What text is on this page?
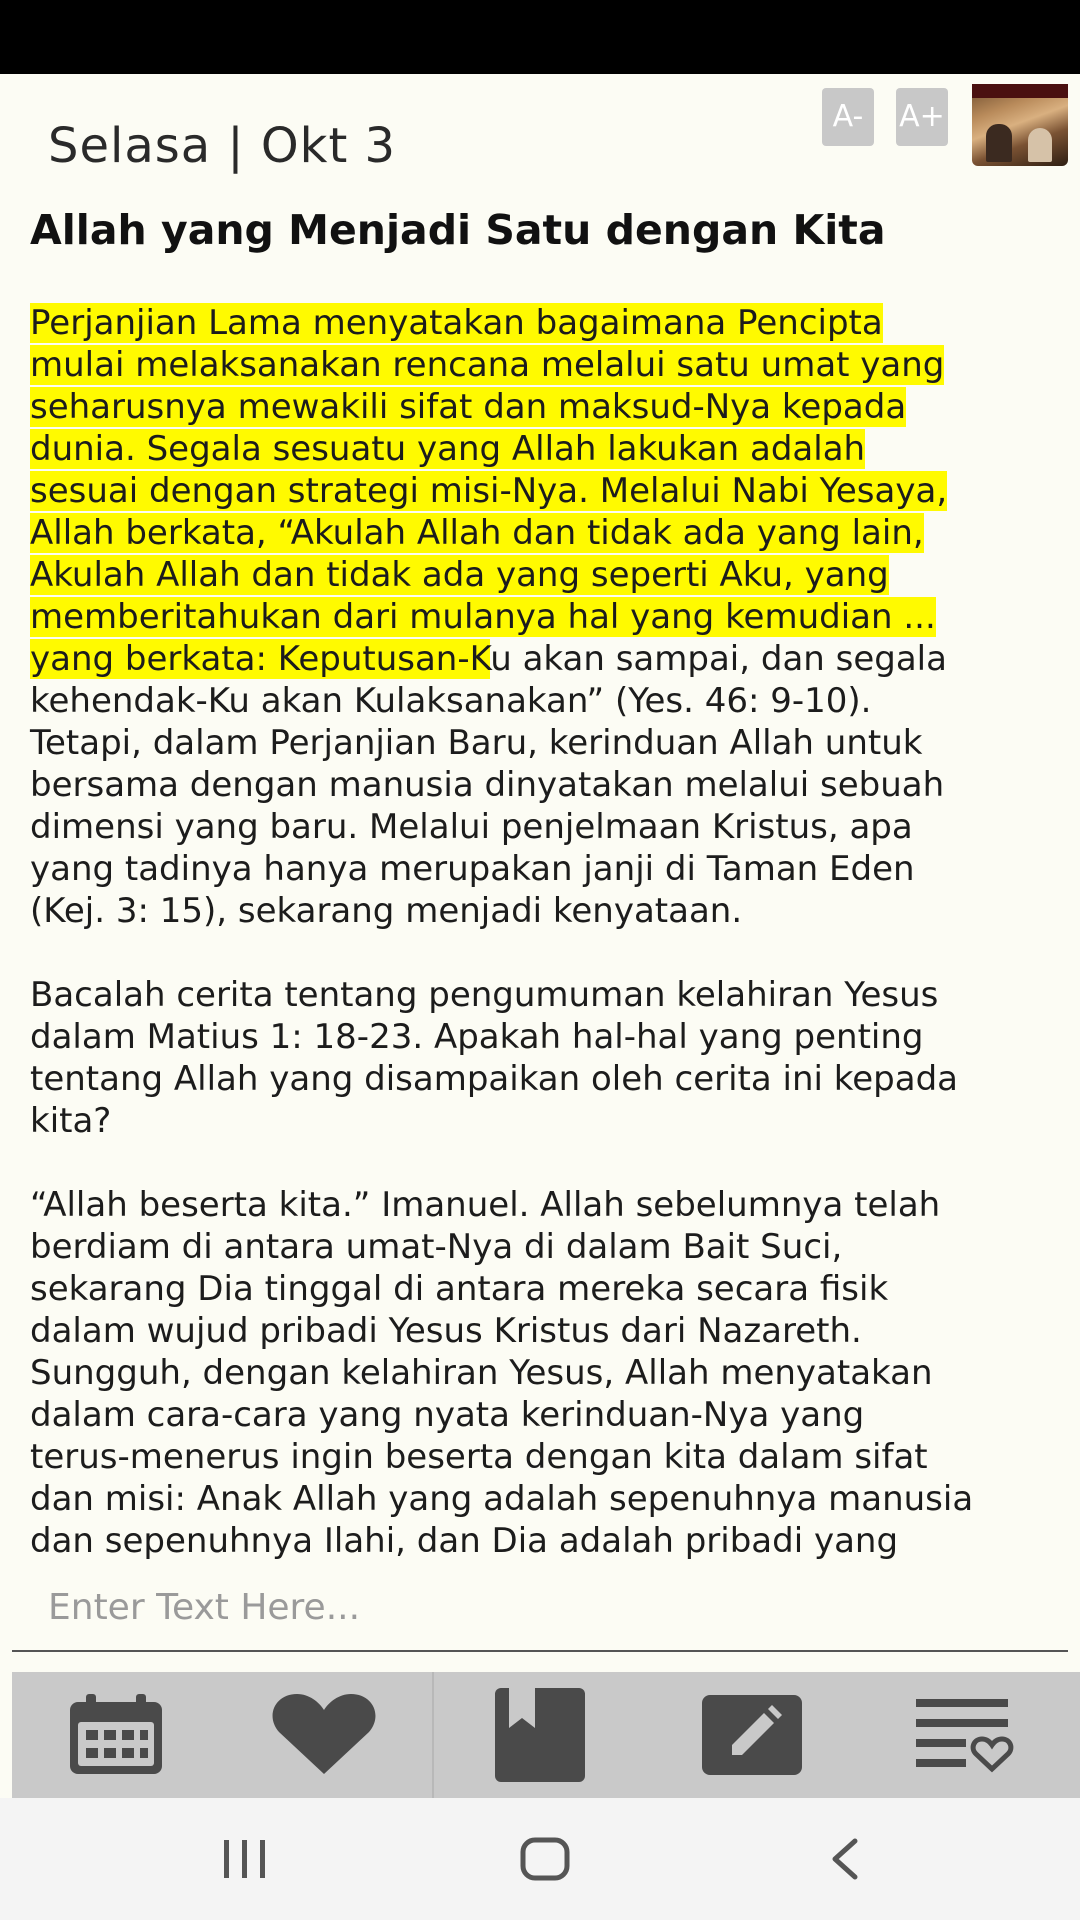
Selasa | Okt 3
A-	A+
Allah yang Menjadi Satu dengan Kita

Perjanjian Lama menyatakan bagaimana Pencipta
mulai melaksanakan rencana melalui satu umat yang
seharusnya mewakili sifat dan maksud-Nya kepada
dunia. Segala sesuatu yang Allah lakukan adalah
sesuai dengan strategi misi-Nya. Melalui Nabi Yesaya,
Allah berkata, “Akulah Allah dan tidak ada yang lain,
Akulah Allah dan tidak ada yang seperti Aku, yang
memberitahukan dari mulanya hal yang kemudian ...
yang berkata: Keputusan-Ku akan sampai, dan segala
kehendak-Ku akan Kulaksanakan” (Yes. 46: 9-10).
Tetapi, dalam Perjanjian Baru, kerinduan Allah untuk
bersama dengan manusia dinyatakan melalui sebuah
dimensi yang baru. Melalui penjelmaan Kristus, apa
yang tadinya hanya merupakan janji di Taman Eden
(Kej. 3: 15), sekarang menjadi kenyataan.

Bacalah cerita tentang pengumuman kelahiran Yesus
dalam Matius 1: 18-23. Apakah hal-hal yang penting
tentang Allah yang disampaikan oleh cerita ini kepada
kita?

“Allah beserta kita.” Imanuel. Allah sebelumnya telah
berdiam di antara umat-Nya di dalam Bait Suci,
sekarang Dia tinggal di antara mereka secara fisik
dalam wujud pribadi Yesus Kristus dari Nazareth.
Sungguh, dengan kelahiran Yesus, Allah menyatakan
dalam cara-cara yang nyata kerinduan-Nya yang
terus-menerus ingin beserta dengan kita dalam sifat
dan misi: Anak Allah yang adalah sepenuhnya manusia
dan sepenuhnya Ilahi, dan Dia adalah pribadi yang

Enter Text Here...
